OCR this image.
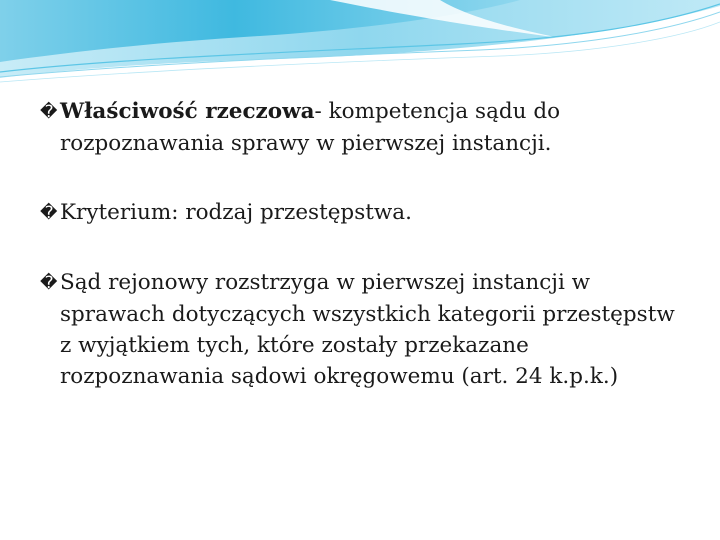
� Właściwość rzeczowa- kompetencja sądu do rozpoznawania sprawy w pierwszej instancji.

� Kryterium: rodzaj przestępstwa.

� Sąd rejonowy rozstrzyga w pierwszej instancji w sprawach dotyczących wszystkich kategorii przestępstw z wyjątkiem tych, które zostały przekazane rozpoznawania sądowi okręgowemu (art. 24 k.p.k.)
